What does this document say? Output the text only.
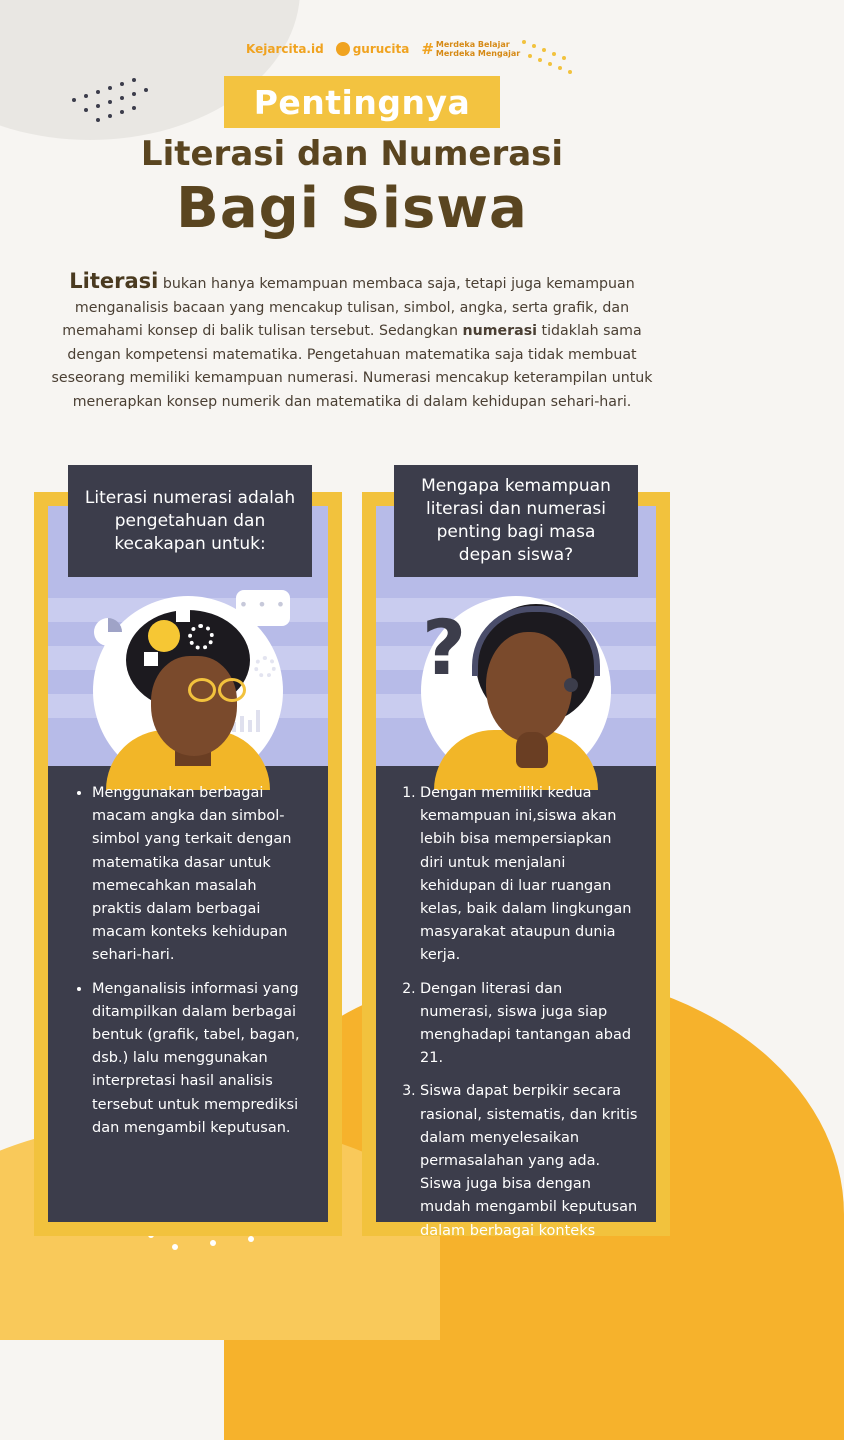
Kejarcita.id gurucita # Merdeka Belajar
Merdeka Mengajar
Pentingnya
Literasi dan Numerasi
Bagi Siswa

Literasi bukan hanya kemampuan membaca saja, tetapi juga kemampuan menganalisis bacaan yang mencakup tulisan, simbol, angka, serta grafik, dan memahami konsep di balik tulisan tersebut. Sedangkan numerasi tidaklah sama dengan kompetensi matematika. Pengetahuan matematika saja tidak membuat seseorang memiliki kemampuan numerasi. Numerasi mencakup keterampilan untuk menerapkan konsep numerik dan matematika di dalam kehidupan sehari-hari.

• • •
• Menggunakan berbagai macam angka dan simbol-simbol yang terkait dengan matematika dasar untuk memecahkan masalah praktis dalam berbagai macam konteks kehidupan sehari-hari.
• Menganalisis informasi yang ditampilkan dalam berbagai bentuk (grafik, tabel, bagan, dsb.) lalu menggunakan interpretasi hasil analisis tersebut untuk memprediksi dan mengambil keputusan.
Literasi numerasi adalah pengetahuan dan kecakapan untuk:
?
1. Dengan memiliki kedua kemampuan ini,siswa akan lebih bisa mempersiapkan diri untuk menjalani kehidupan di luar ruangan kelas, baik dalam lingkungan masyarakat ataupun dunia kerja.
2. Dengan literasi dan numerasi, siswa juga siap menghadapi tantangan abad 21.
3. Siswa dapat berpikir secara rasional, sistematis, dan kritis dalam menyelesaikan permasalahan yang ada. Siswa juga bisa dengan mudah mengambil keputusan dalam berbagai konteks
Mengapa kemampuan literasi dan numerasi penting bagi masa depan siswa?
